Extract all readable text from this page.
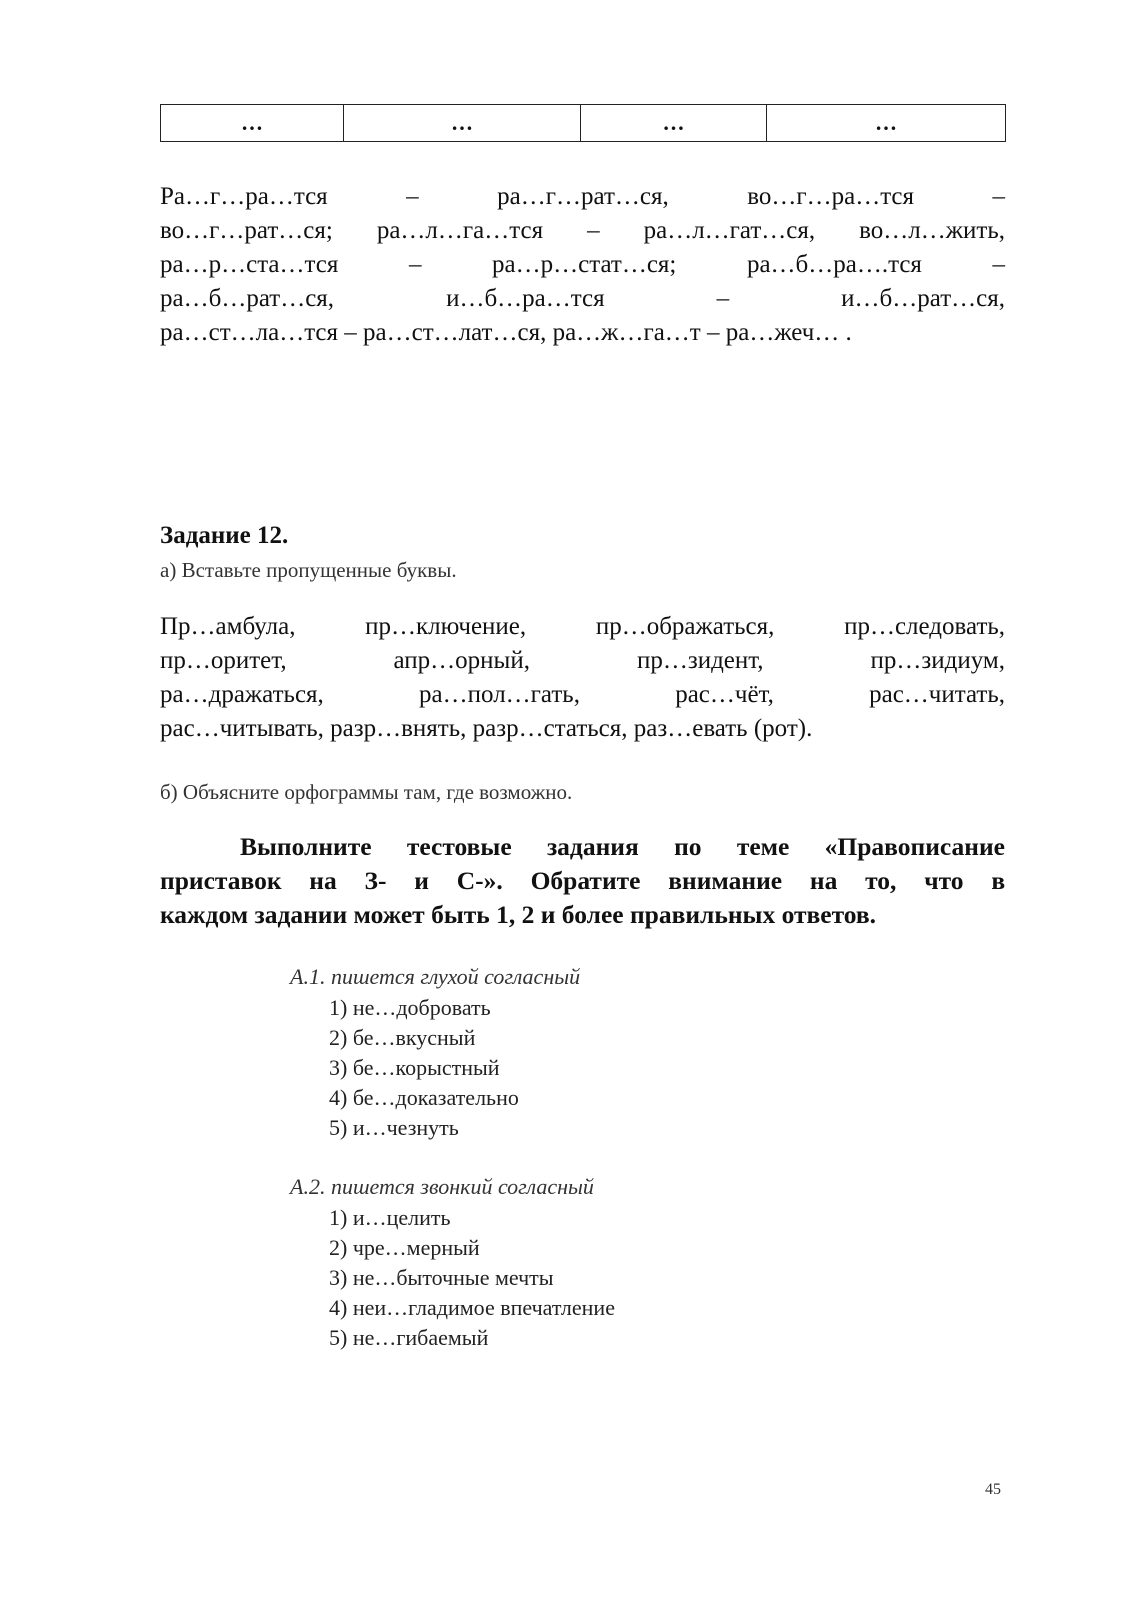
…	…	…	…
Ра…г…ра…тся	–	ра…г…рат…ся,	во…г…ра…тся	–
во…г…рат…ся; ра…л…га…тся – ра…л…гат…ся, во…л…жить,
ра…р…ста…тся	–	ра…р…стат…ся;	ра…б…ра….тся	–
ра…б…рат…ся,	и…б…ра…тся	–	и…б…рат…ся,
ра…ст…ла…тся – ра…ст…лат…ся, ра…ж…га…т – ра…жеч… .
Задание 12.
а) Вставьте пропущенные буквы.
Пр…амбула,	пр…ключение,	пр…ображаться,	пр…следовать,
пр…оритет,	апр…орный,	пр…зидент,	пр…зидиум,
ра…дражаться,	ра…пол…гать,	рас…чёт,	рас…читать,
рас…читывать, разр…внять, разр…статься, раз…евать (рот).
б) Объясните орфограммы там, где возможно.
Выполните тестовые задания по теме «Правописание
приставок на З- и С-». Обратите внимание на то, что в
каждом задании может быть 1, 2 и более правильных ответов.
А.1. пишется глухой согласный
1) не…добровать
2) бе…вкусный
3) бе…корыстный
4) бе…доказательно
5) и…чезнуть
А.2. пишется звонкий согласный
1) и…целить
2) чре…мерный
3) не…быточные мечты
4) неи…гладимое впечатление
5) не…гибаемый
45
